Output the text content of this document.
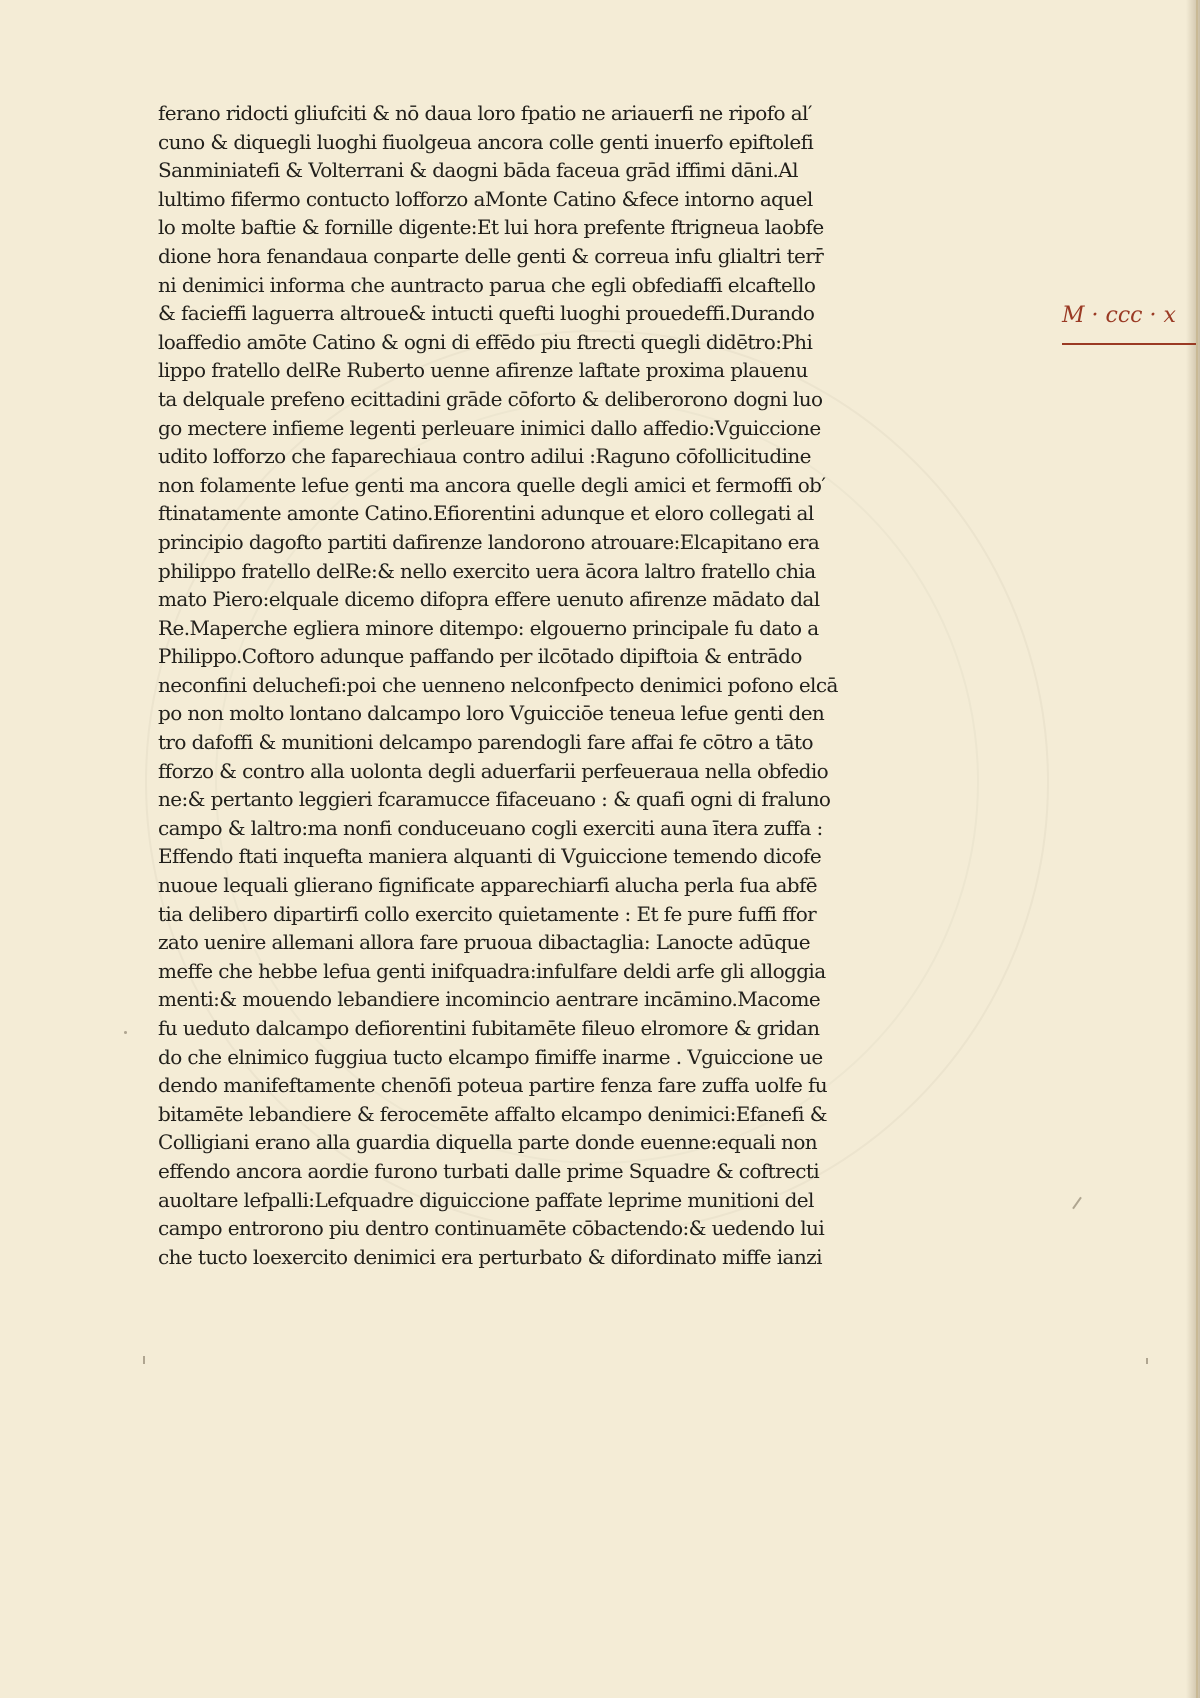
ferano ridocti gliufciti & nō daua loro fpatio ne ariauerfi ne ripofo al′
cuno & diquegli luoghi fiuolgeua ancora colle genti inuerfo epiftolefi
Sanminiatefi & Volterrani & daogni bāda faceua grād iffimi dāni.Al
lultimo fifermo contucto lofforzo aMonte Catino &fece intorno aquel
lo molte baftie & fornille digente:Et lui hora prefente ftrigneua laobfe
dione hora fenandaua conparte delle genti & correua infu glialtri terr̄
ni denimici informa che auntracto parua che egli obfediaffi elcaftello
& facieffi laguerra altroue& intucti quefti luoghi prouedeffi.Durando
loaffedio amōte Catino & ogni di effēdo piu ftrecti quegli didētro:Phi
lippo fratello delRe Ruberto uenne afirenze laftate proxima plauenu
ta delquale prefeno ecittadini grāde cōforto & deliberorono dogni luo
go mectere infieme legenti perleuare inimici dallo affedio:Vguiccione
udito lofforzo che faparechiaua contro adilui :Raguno cōfollicitudine
non folamente lefue genti ma ancora quelle degli amici et fermoffi ob′
ftinatamente amonte Catino.Efiorentini adunque et eloro collegati al
principio dagofto partiti dafirenze landorono atrouare:Elcapitano era
philippo fratello delRe:& nello exercito uera ācora laltro fratello chia
mato Piero:elquale dicemo difopra effere uenuto afirenze mādato dal
Re.Maperche egliera minore ditempo: elgouerno principale fu dato a
Philippo.Coftoro adunque paffando per ilcōtado dipiftoia & entrādo
neconfini deluchefi:poi che uenneno nelconfpecto denimici pofono elcā
po non molto lontano dalcampo loro Vguicciōe teneua lefue genti den
tro dafoffi & munitioni delcampo parendogli fare affai fe cōtro a tāto
fforzo & contro alla uolonta degli aduerfarii perfeueraua nella obfedio
ne:& pertanto leggieri fcaramucce fifaceuano : & quafi ogni di fraluno
campo & laltro:ma nonfi conduceuano cogli exerciti auna ītera zuffa :
Effendo ftati inquefta maniera alquanti di Vguiccione temendo dicofe
nuoue lequali glierano fignificate apparechiarfi alucha perla fua abfē
tia delibero dipartirfi collo exercito quietamente : Et fe pure fuffi ffor
zato uenire allemani allora fare pruoua dibactaglia: Lanocte adūque
meffe che hebbe lefua genti inifquadra:infulfare deldi arfe gli alloggia
menti:& mouendo lebandiere incomincio aentrare incāmino.Macome
fu ueduto dalcampo defiorentini fubitamēte fileuo elromore & gridan
do che elnimico fuggiua tucto elcampo fimiffe inarme . Vguiccione ue
dendo manifeftamente chenōfi poteua partire fenza fare zuffa uolfe fu
bitamēte lebandiere & ferocemēte affalto elcampo denimici:Efanefi &
Colligiani erano alla guardia diquella parte donde euenne:equali non
effendo ancora aordie furono turbati dalle prime Squadre & coftrecti
auoltare lefpalli:Lefquadre diguiccione paffate leprime munitioni del
campo entrorono piu dentro continuamēte cōbactendo:& uedendo lui
che tucto loexercito denimici era perturbato & difordinato miffe ianzi
M · ccc · x
